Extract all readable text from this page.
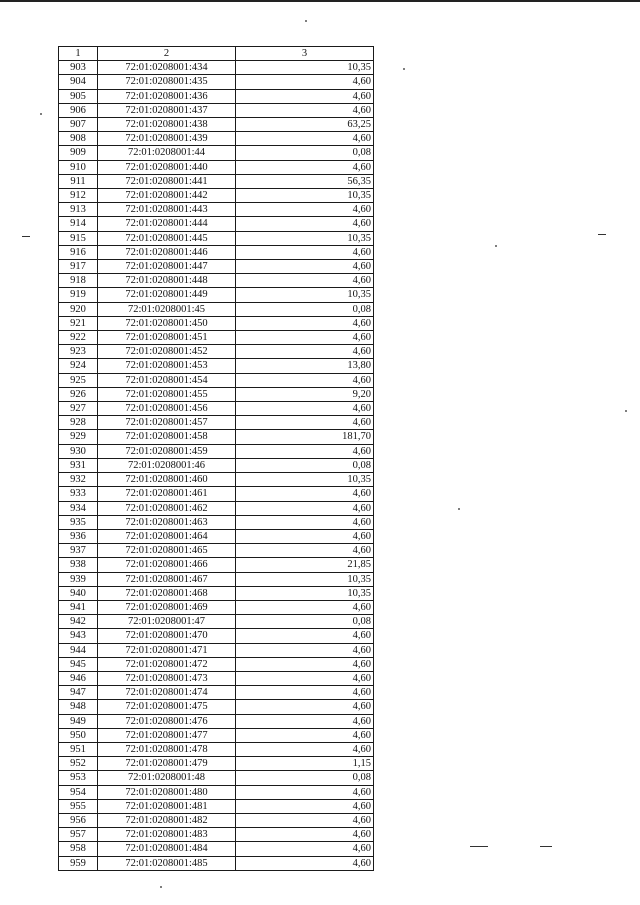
1	2	3
903	72:01:0208001:434	10,35
904	72:01:0208001:435	4,60
905	72:01:0208001:436	4,60
906	72:01:0208001:437	4,60
907	72:01:0208001:438	63,25
908	72:01:0208001:439	4,60
909	72:01:0208001:44	0,08
910	72:01:0208001:440	4,60
911	72:01:0208001:441	56,35
912	72:01:0208001:442	10,35
913	72:01:0208001:443	4,60
914	72:01:0208001:444	4,60
915	72:01:0208001:445	10,35
916	72:01:0208001:446	4,60
917	72:01:0208001:447	4,60
918	72:01:0208001:448	4,60
919	72:01:0208001:449	10,35
920	72:01:0208001:45	0,08
921	72:01:0208001:450	4,60
922	72:01:0208001:451	4,60
923	72:01:0208001:452	4,60
924	72:01:0208001:453	13,80
925	72:01:0208001:454	4,60
926	72:01:0208001:455	9,20
927	72:01:0208001:456	4,60
928	72:01:0208001:457	4,60
929	72:01:0208001:458	181,70
930	72:01:0208001:459	4,60
931	72:01:0208001:46	0,08
932	72:01:0208001:460	10,35
933	72:01:0208001:461	4,60
934	72:01:0208001:462	4,60
935	72:01:0208001:463	4,60
936	72:01:0208001:464	4,60
937	72:01:0208001:465	4,60
938	72:01:0208001:466	21,85
939	72:01:0208001:467	10,35
940	72:01:0208001:468	10,35
941	72:01:0208001:469	4,60
942	72:01:0208001:47	0,08
943	72:01:0208001:470	4,60
944	72:01:0208001:471	4,60
945	72:01:0208001:472	4,60
946	72:01:0208001:473	4,60
947	72:01:0208001:474	4,60
948	72:01:0208001:475	4,60
949	72:01:0208001:476	4,60
950	72:01:0208001:477	4,60
951	72:01:0208001:478	4,60
952	72:01:0208001:479	1,15
953	72:01:0208001:48	0,08
954	72:01:0208001:480	4,60
955	72:01:0208001:481	4,60
956	72:01:0208001:482	4,60
957	72:01:0208001:483	4,60
958	72:01:0208001:484	4,60
959	72:01:0208001:485	4,60
